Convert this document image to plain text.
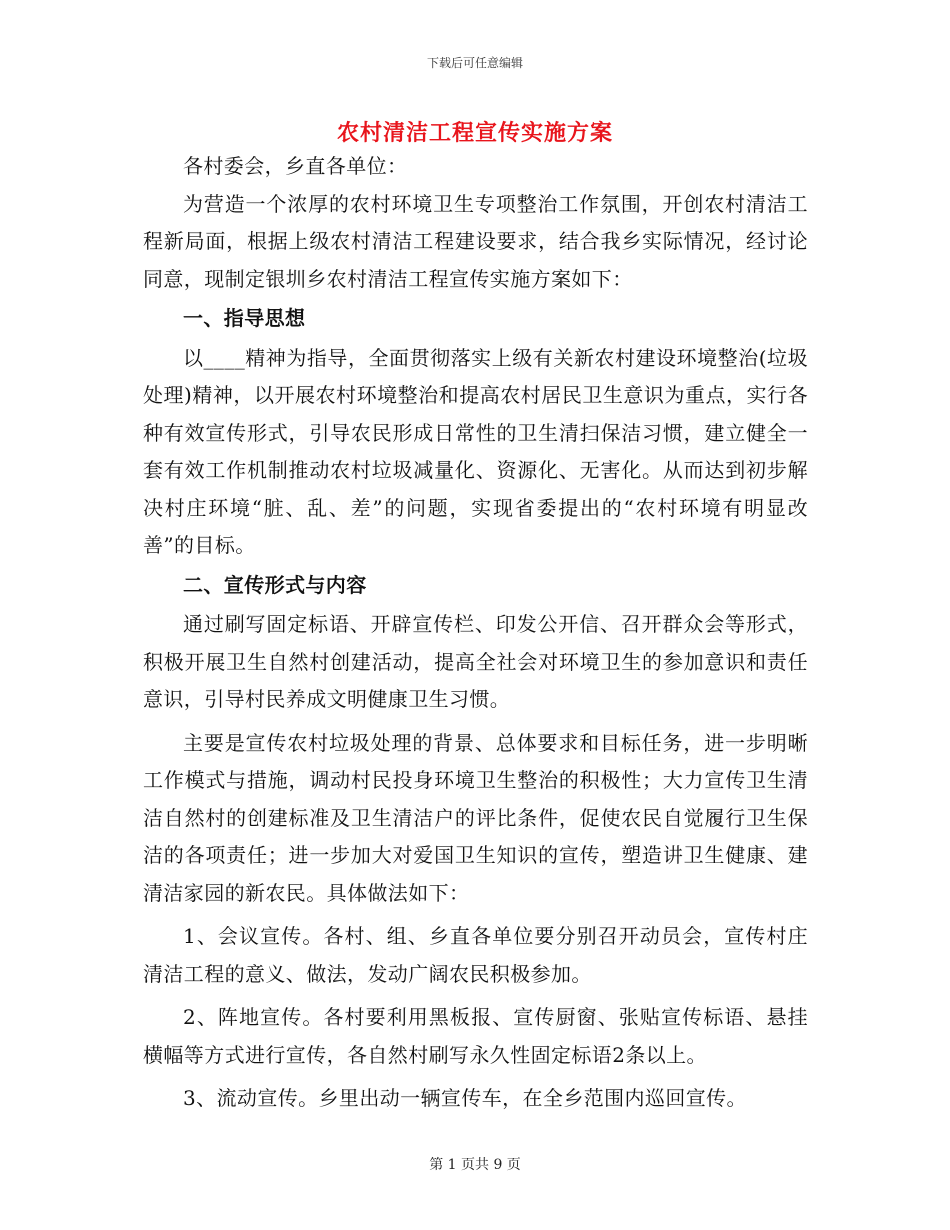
下载后可任意编辑
农村清洁工程宣传实施方案

各村委会，乡直各单位：

为营造一个浓厚的农村环境卫生专项整治工作氛围，开创农村清洁工程新局面，根据上级农村清洁工程建设要求，结合我乡实际情况，经讨论同意，现制定银圳乡农村清洁工程宣传实施方案如下：

一、指导思想

以____精神为指导，全面贯彻落实上级有关新农村建设环境整治(垃圾处理)精神，以开展农村环境整治和提高农村居民卫生意识为重点，实行各种有效宣传形式，引导农民形成日常性的卫生清扫保洁习惯，建立健全一套有效工作机制推动农村垃圾减量化、资源化、无害化。从而达到初步解决村庄环境“脏、乱、差”的问题，实现省委提出的“农村环境有明显改善”的目标。

二、宣传形式与内容

通过刷写固定标语、开辟宣传栏、印发公开信、召开群众会等形式，积极开展卫生自然村创建活动，提高全社会对环境卫生的参加意识和责任意识，引导村民养成文明健康卫生习惯。

主要是宣传农村垃圾处理的背景、总体要求和目标任务，进一步明晰工作模式与措施，调动村民投身环境卫生整治的积极性；大力宣传卫生清洁自然村的创建标准及卫生清洁户的评比条件，促使农民自觉履行卫生保洁的各项责任；进一步加大对爱国卫生知识的宣传，塑造讲卫生健康、建清洁家园的新农民。具体做法如下：

1、会议宣传。各村、组、乡直各单位要分别召开动员会，宣传村庄清洁工程的意义、做法，发动广阔农民积极参加。

2、阵地宣传。各村要利用黑板报、宣传厨窗、张贴宣传标语、悬挂横幅等方式进行宣传，各自然村刷写永久性固定标语2条以上。

3、流动宣传。乡里出动一辆宣传车，在全乡范围内巡回宣传。

第 1 页共 9 页
